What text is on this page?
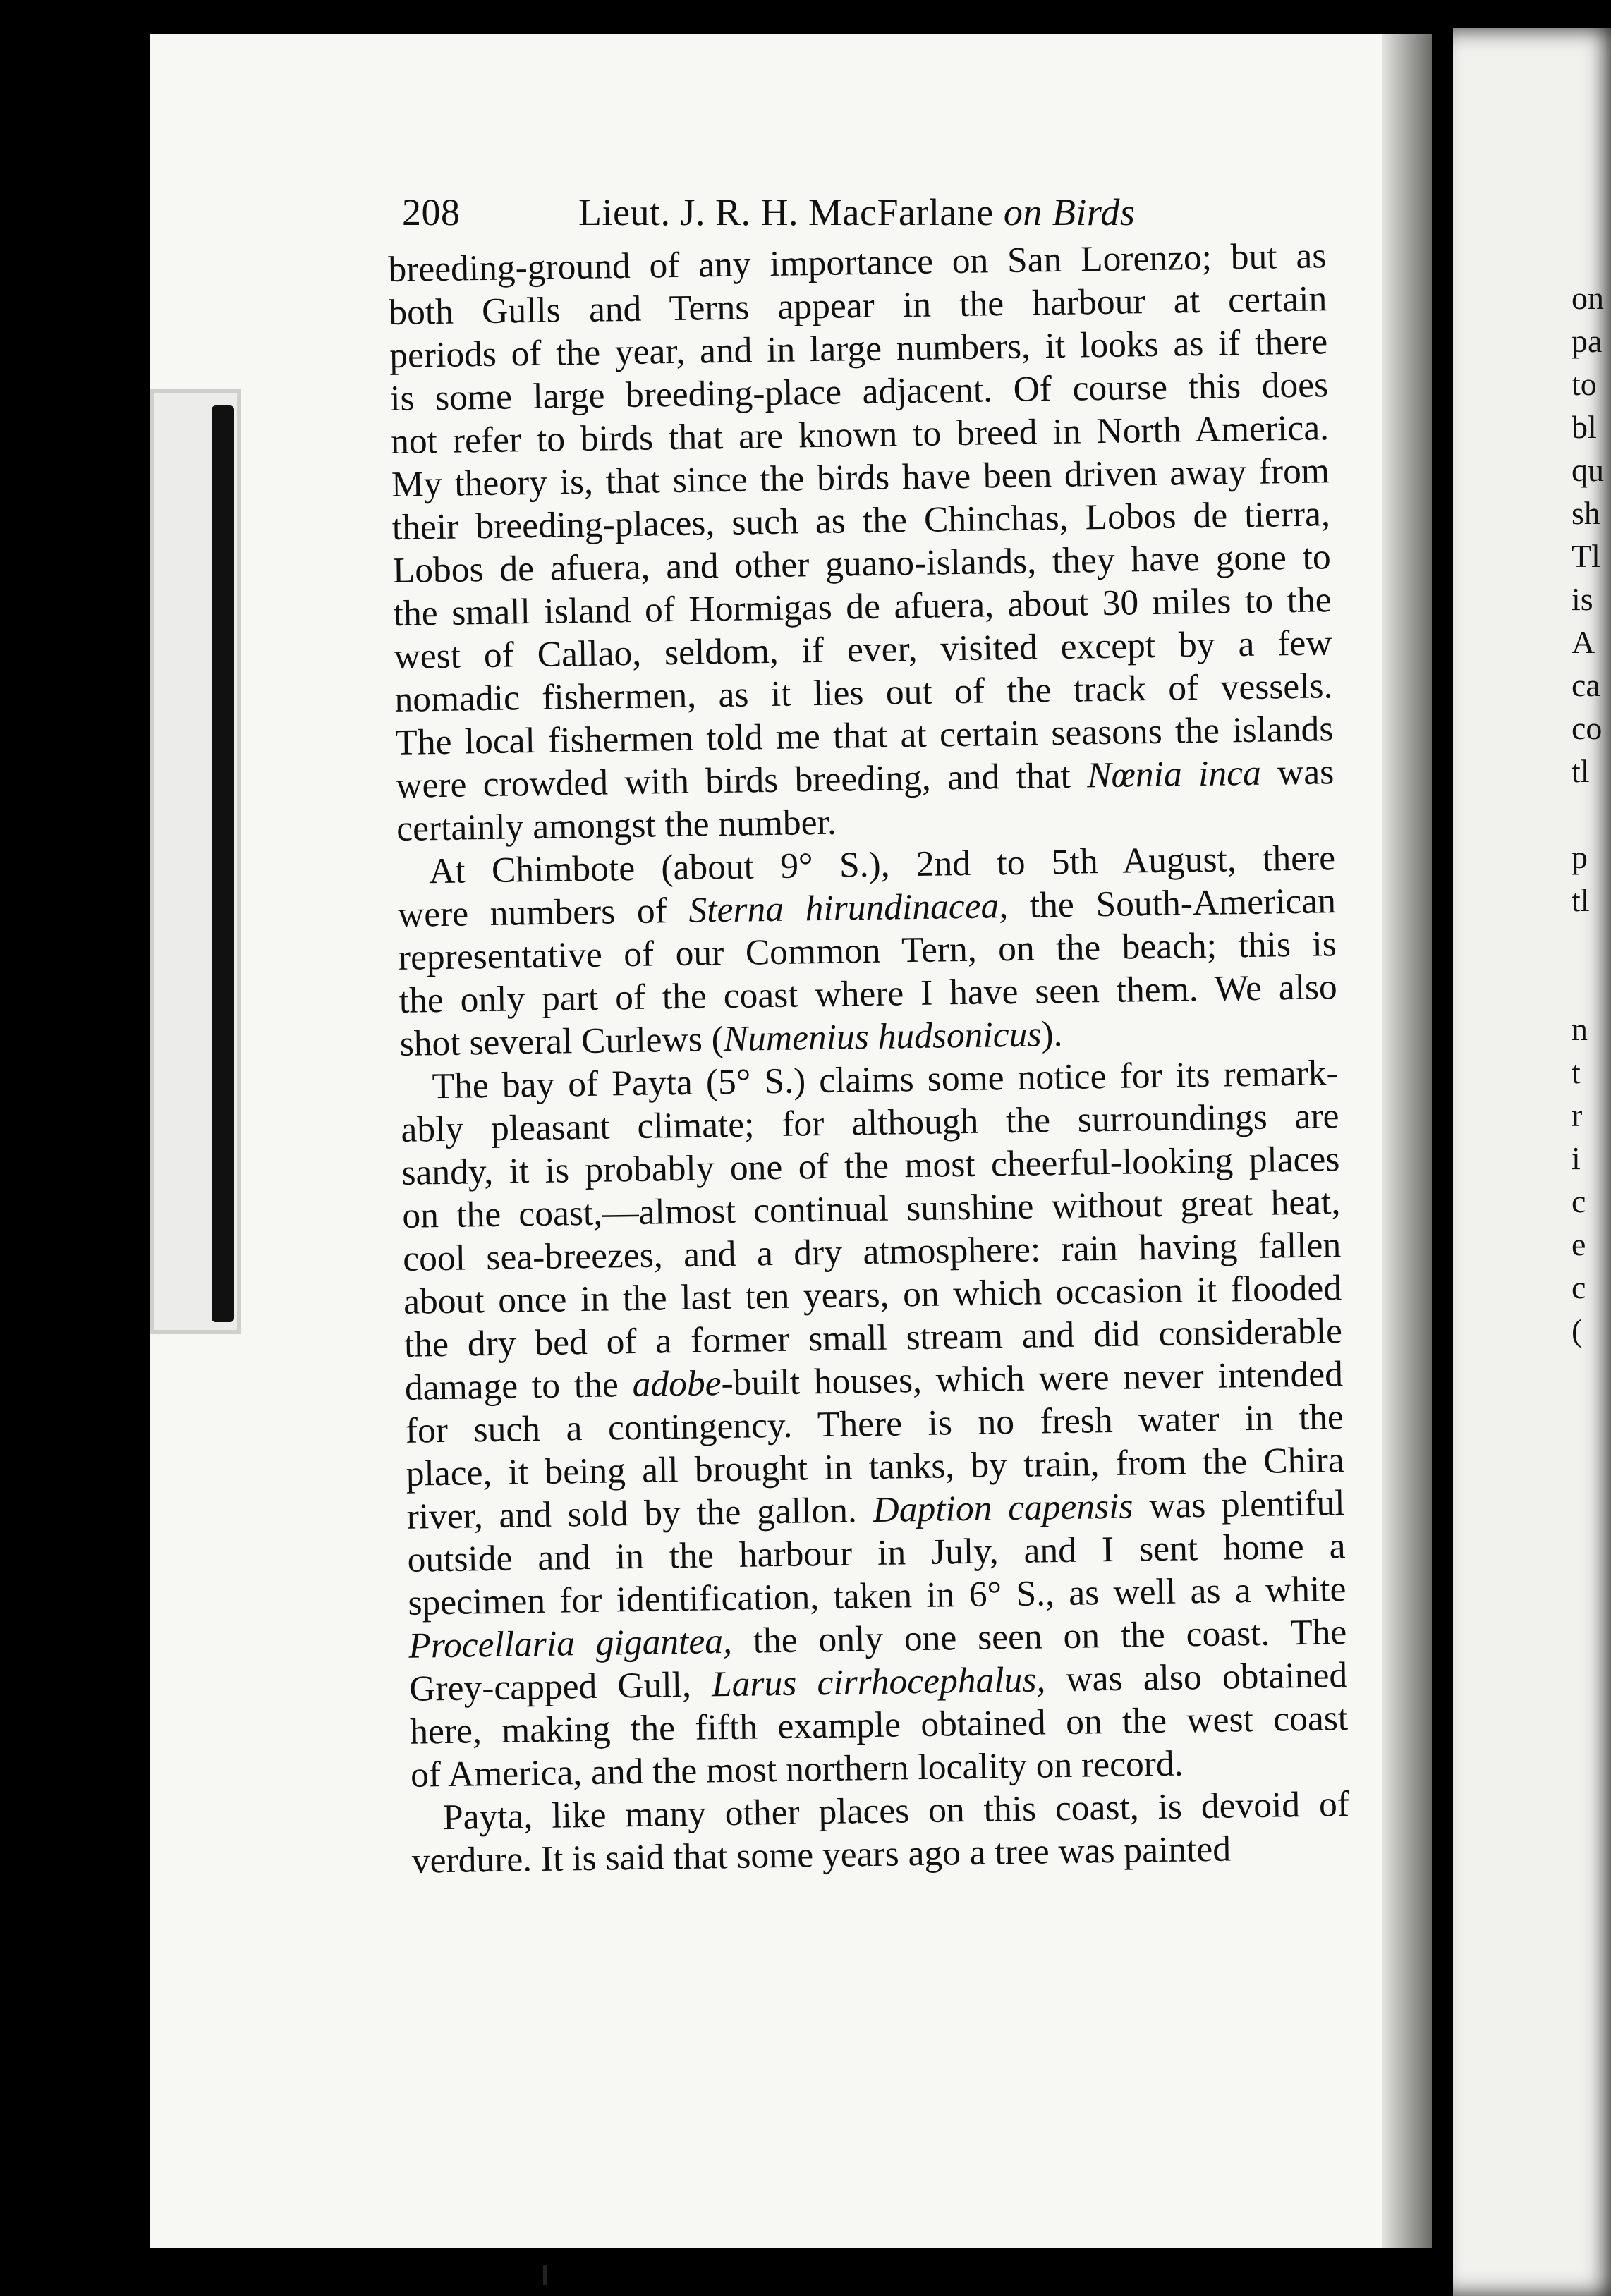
208	Lieut. J. R. H. MacFarlane on Birds
breeding-ground of any importance on San Lorenzo; but as
both Gulls and Terns appear in the harbour at certain
periods of the year, and in large numbers, it looks as if there
is some large breeding-place adjacent. Of course this does
not refer to birds that are known to breed in North America.
My theory is, that since the birds have been driven away from
their breeding-places, such as the Chinchas, Lobos de tierra,
Lobos de afuera, and other guano-islands, they have gone to
the small island of Hormigas de afuera, about 30 miles to the
west of Callao, seldom, if ever, visited except by a few
nomadic fishermen, as it lies out of the track of vessels.
The local fishermen told me that at certain seasons the islands
were crowded with birds breeding, and that Nœnia inca was
certainly amongst the number.
At Chimbote (about 9° S.), 2nd to 5th August, there
were numbers of Sterna hirundinacea, the South-American
representative of our Common Tern, on the beach; this is
the only part of the coast where I have seen them. We also
shot several Curlews (Numenius hudsonicus).
The bay of Payta (5° S.) claims some notice for its remark-
ably pleasant climate; for although the surroundings are
sandy, it is probably one of the most cheerful-looking places
on the coast,—almost continual sunshine without great heat,
cool sea-breezes, and a dry atmosphere: rain having fallen
about once in the last ten years, on which occasion it flooded
the dry bed of a former small stream and did considerable
damage to the adobe-built houses, which were never intended
for such a contingency. There is no fresh water in the
place, it being all brought in tanks, by train, from the Chira
river, and sold by the gallon. Daption capensis was plentiful
outside and in the harbour in July, and I sent home a
specimen for identification, taken in 6° S., as well as a white
Procellaria gigantea, the only one seen on the coast. The
Grey-capped Gull, Larus cirrhocephalus, was also obtained
here, making the fifth example obtained on the west coast
of America, and the most northern locality on record.
Payta, like many other places on this coast, is devoid of
verdure. It is said that some years ago a tree was painted
on
pa
to
bl
qu
sh
Tl
is
A
ca
co
tl
p
tl
n
t
r
i
c
e
c
(
